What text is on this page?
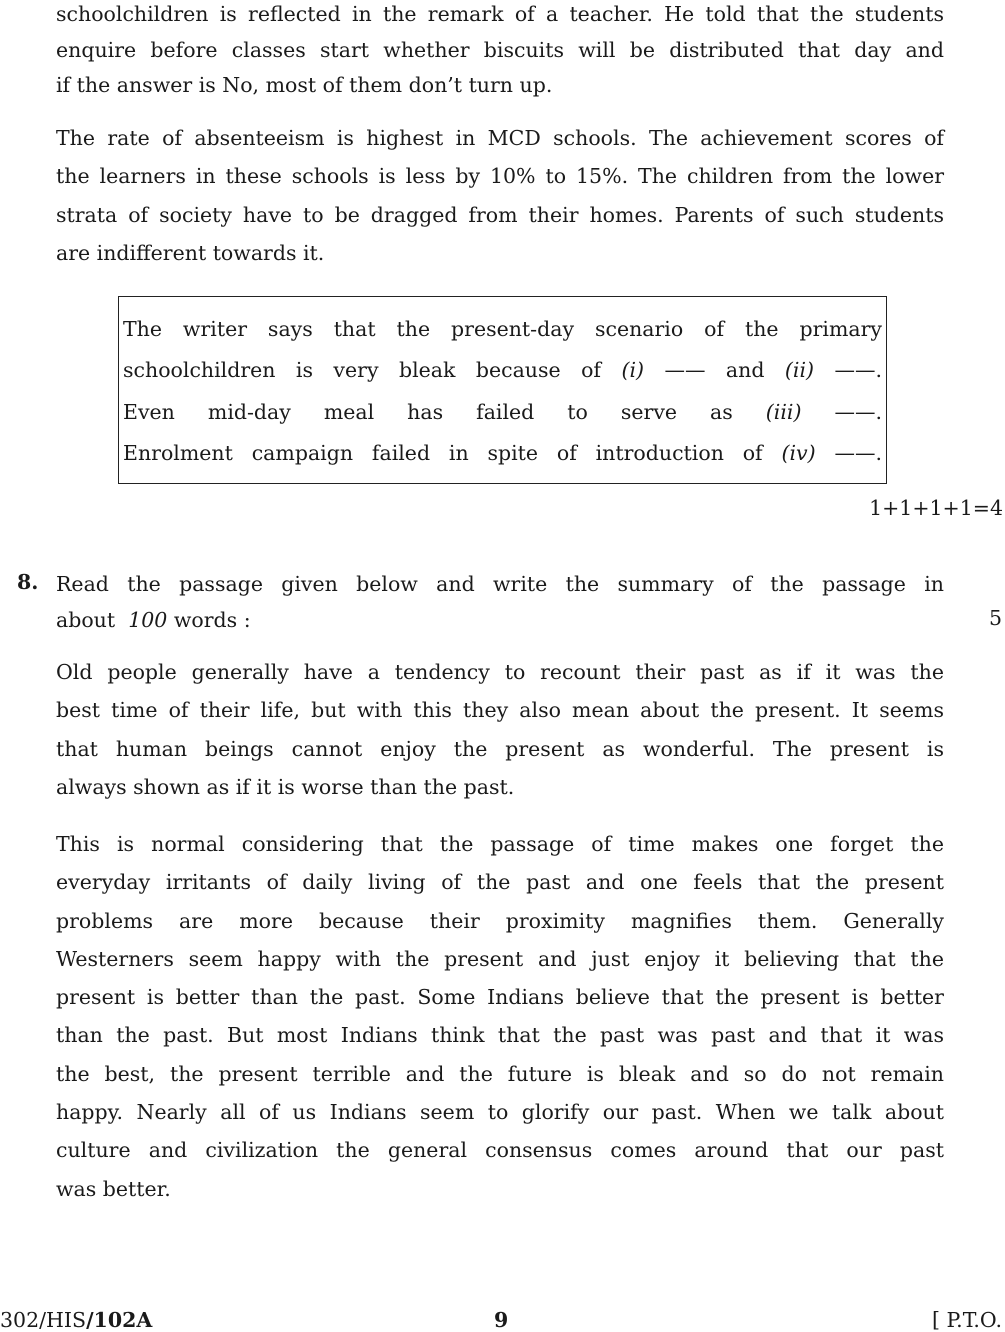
schoolchildren is reflected in the remark of a teacher. He told that the students
enquire before classes start whether biscuits will be distributed that day and
if the answer is No, most of them don’t turn up.
The rate of absenteeism is highest in MCD schools. The achievement scores of
the learners in these schools is less by 10% to 15%. The children from the lower
strata of society have to be dragged from their homes. Parents of such students
are indifferent towards it.
The writer says that the present-day scenario of the primary
schoolchildren is very bleak because of (i) —— and (ii) ——.
Even mid-day meal has failed to serve as (iii) ——.
Enrolment campaign failed in spite of introduction of (iv) ——.
1+1+1+1=4
8. Read the passage given below and write the summary of the passage in
about 100 words :	5
Old people generally have a tendency to recount their past as if it was the
best time of their life, but with this they also mean about the present. It seems
that human beings cannot enjoy the present as wonderful. The present is
always shown as if it is worse than the past.
This is normal considering that the passage of time makes one forget the
everyday irritants of daily living of the past and one feels that the present
problems are more because their proximity magnifies them. Generally
Westerners seem happy with the present and just enjoy it believing that the
present is better than the past. Some Indians believe that the present is better
than the past. But most Indians think that the past was past and that it was
the best, the present terrible and the future is bleak and so do not remain
happy. Nearly all of us Indians seem to glorify our past. When we talk about
culture and civilization the general consensus comes around that our past
was better.
302/HIS/102A	9	[ P.T.O.
